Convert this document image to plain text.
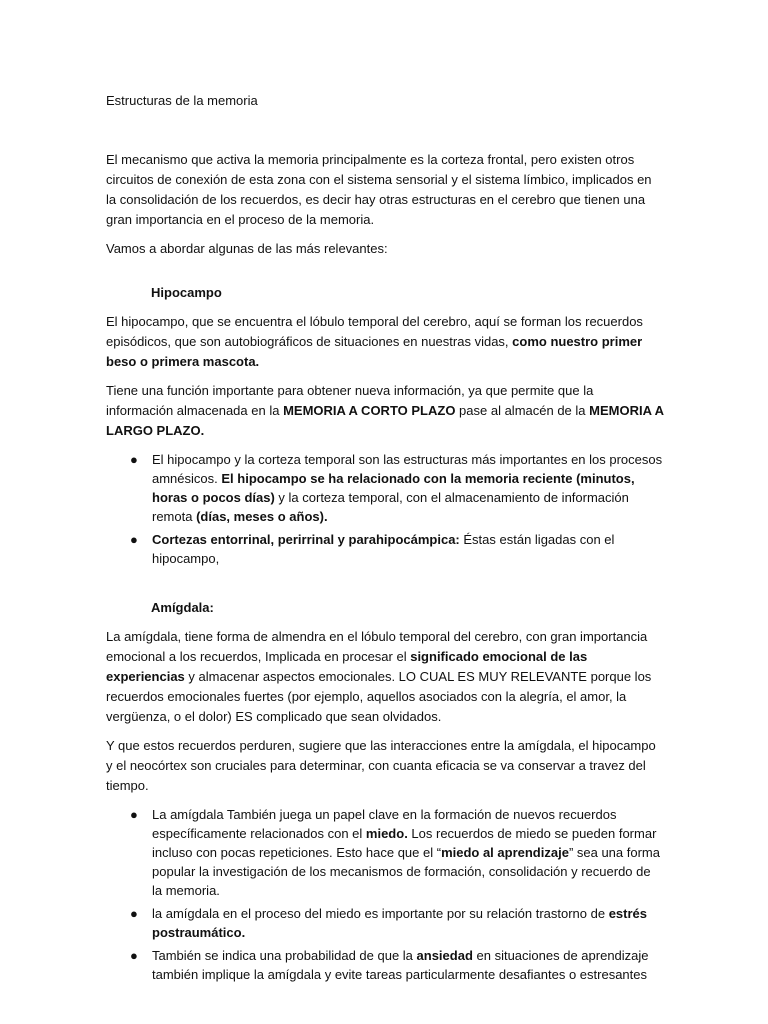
Estructuras de la memoria

El mecanismo que activa la memoria principalmente es la corteza frontal, pero existen otros circuitos de conexión de esta zona con el sistema sensorial y el sistema límbico, implicados en la consolidación de los recuerdos, es decir hay otras estructuras en el cerebro que tienen una gran importancia en el proceso de la memoria.

Vamos a abordar algunas de las más relevantes:

Hipocampo

El hipocampo, que se encuentra el lóbulo temporal del cerebro, aquí se forman los recuerdos episódicos, que son autobiográficos de situaciones en nuestras vidas, como nuestro primer beso o primera mascota.

Tiene una función importante para obtener nueva información, ya que permite que la información almacenada en la MEMORIA A CORTO PLAZO pase al almacén de la MEMORIA A LARGO PLAZO.

● El hipocampo y la corteza temporal son las estructuras más importantes en los procesos amnésicos. El hipocampo se ha relacionado con la memoria reciente (minutos, horas o pocos días) y la corteza temporal, con el almacenamiento de información remota (días, meses o años).
● Cortezas entorrinal, perirrinal y parahipocámpica: Éstas están ligadas con el hipocampo,
Amígdala:

La amígdala, tiene forma de almendra en el lóbulo temporal del cerebro, con gran importancia emocional a los recuerdos, Implicada en procesar el significado emocional de las experiencias y almacenar aspectos emocionales. LO CUAL ES MUY RELEVANTE porque los recuerdos emocionales fuertes (por ejemplo, aquellos asociados con la alegría, el amor, la vergüenza, o el dolor) ES complicado que sean olvidados.

Y que estos recuerdos perduren, sugiere que las interacciones entre la amígdala, el hipocampo y el neocórtex son cruciales para determinar, con cuanta eficacia se va conservar a travez del tiempo.

● La amígdala También juega un papel clave en la formación de nuevos recuerdos específicamente relacionados con el miedo. Los recuerdos de miedo se pueden formar incluso con pocas repeticiones. Esto hace que el “miedo al aprendizaje” sea una forma popular la investigación de los mecanismos de formación, consolidación y recuerdo de la memoria.
● la amígdala en el proceso del miedo es importante por su relación trastorno de estrés postraumático.
● También se indica una probabilidad de que la ansiedad en situaciones de aprendizaje también implique la amígdala y evite tareas particularmente desafiantes o estresantes
